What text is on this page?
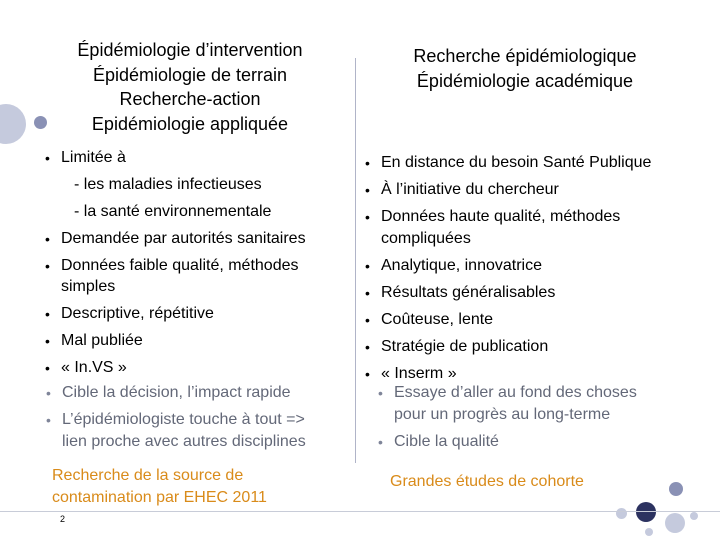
Épidémiologie d’intervention
Épidémiologie de terrain
Recherche-action
Epidémiologie appliquée
Recherche épidémiologique
Épidémiologie académique
• Limitée à
- les maladies infectieuses
- la santé environnementale
• Demandée par autorités sanitaires
• Données faible qualité, méthodes
simples
• Descriptive, répétitive
• Mal publiée
• « In.VS »
• Cible la décision, l’impact rapide
• L’épidémiologiste touche à tout =>
lien proche avec autres disciplines
• En distance du besoin Santé Publique
• À l’initiative du chercheur
• Données haute qualité, méthodes
compliquées
• Analytique, innovatrice
• Résultats généralisables
• Coûteuse, lente
• Stratégie de publication
• « Inserm »
• Essaye d’aller au fond des choses
pour un progrès au long-terme
• Cible la qualité
Recherche de la source de
contamination par EHEC 2011
Grandes études de cohorte
2
